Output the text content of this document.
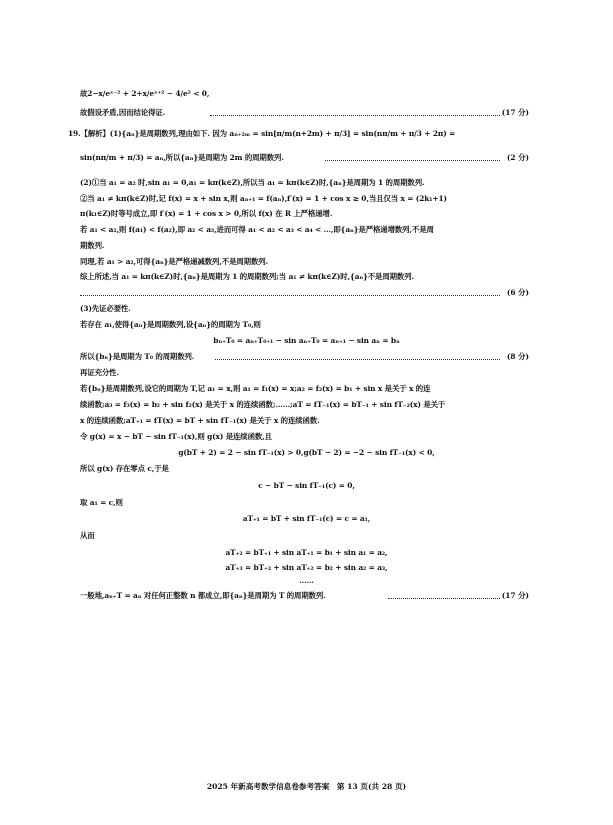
故2−x/eˣ⁻² + 2+x/eˣ⁺² − 4/e² < 0,
故假设矛盾,因而结论得证.	(17 分)
19.【解析】(1){aₙ}是周期数列,理由如下. 因为 aₙ₊₂ₘ = sin[π/m(n+2m) + π/3] = sin(nπ/m + π/3 + 2π) =
sin(nπ/m + π/3) = aₙ,所以{aₙ}是周期为 2m 的周期数列.	(2 分)
(2)①当 a₁ = a₂ 时,sin a₁ = 0,a₁ = kπ(k∈Z),所以当 a₁ = kπ(k∈Z)时,{aₙ}是周期为 1 的周期数列.
②当 a₁ ≠ kπ(k∈Z)时,记 f(x) = x + sin x,则 aₙ₊₁ = f(aₙ),f′(x) = 1 + cos x ≥ 0,当且仅当 x = (2k₁+1)
π(k₁∈Z)时等号成立,即 f′(x) = 1 + cos x > 0,所以 f(x) 在 R 上严格递增.
若 a₁ < a₂,则 f(a₁) < f(a₂),即 a₂ < a₃,进而可得 a₁ < a₂ < a₃ < a₄ < …,即{aₙ}是严格递增数列,不是周
期数列.
同理,若 a₁ > a₂,可得{aₙ}是严格递减数列,不是周期数列.
综上所述,当 a₁ = kπ(k∈Z)时,{aₙ}是周期为 1 的周期数列;当 a₁ ≠ kπ(k∈Z)时,{aₙ}不是周期数列.
(6 分)
(3)先证必要性.
若存在 a₁,使得{aₙ}是周期数列,设{aₙ}的周期为 T₀,则
bₙ₊T₀ = aₙ₊T₀₊₁ − sin aₙ₊T₀ = aₙ₊₁ − sin aₙ = bₙ
所以{bₙ}是周期为 T₀ 的周期数列.	(8 分)
再证充分性.
若{bₙ}是周期数列,设它的周期为 T,记 a₁ = x,则 a₁ = f₁(x) = x;a₂ = f₂(x) = b₁ + sin x 是关于 x 的连
续函数;a₃ = f₃(x) = b₂ + sin f₂(x) 是关于 x 的连续函数;……;aT = fT₋₁(x) = bT₋₁ + sin fT₋₂(x) 是关于
x 的连续函数;aT₊₁ = fT(x) = bT + sin fT₋₁(x) 是关于 x 的连续函数.
令 g(x) = x − bT − sin fT₋₁(x),则 g(x) 是连续函数,且
g(bT + 2) = 2 − sin fT₋₁(x) > 0,g(bT − 2) = −2 − sin fT₋₁(x) < 0,
所以 g(x) 存在零点 c,于是
c − bT − sin fT₋₁(c) = 0,
取 a₁ = c,则
aT₊₁ = bT + sin fT₋₁(c) = c = a₁,
从而
aT₊₂ = bT₊₁ + sin aT₊₁ = b₁ + sin a₁ = a₂,
aT₊₃ = bT₊₂ + sin aT₊₂ = b₂ + sin a₂ = a₃,
……
一般地,aₙ₊T = aₙ 对任何正整数 n 都成立,即{aₙ}是周期为 T 的周期数列.	(17 分)
2025 年新高考数学信息卷参考答案　第 13 页(共 28 页)
